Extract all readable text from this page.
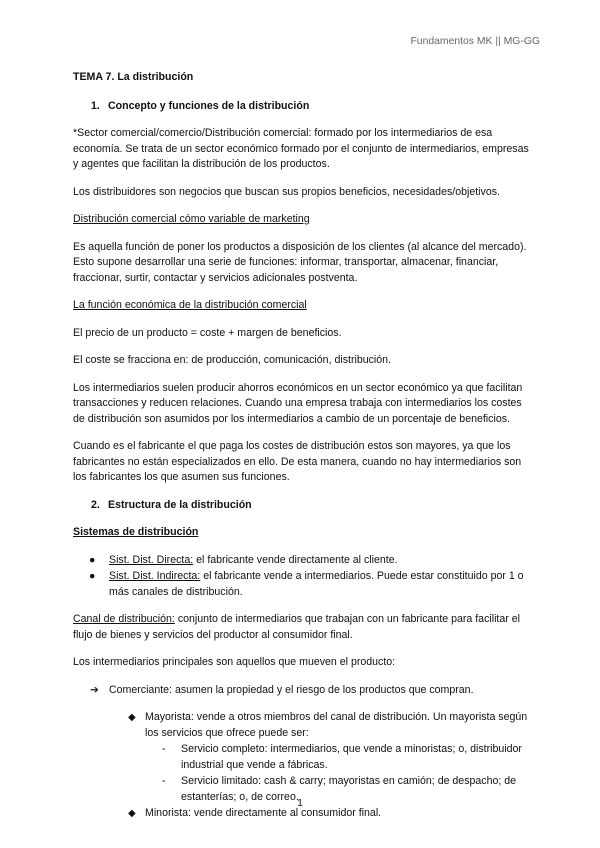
Fundamentos MK || MG-GG
TEMA 7. La distribución
1. Concepto y funciones de la distribución

*Sector comercial/comercio/Distribución comercial: formado por los intermediarios de esa economía. Se trata de un sector económico formado por el conjunto de intermediarios, empresas y agentes que facilitan la distribución de los productos.

Los distribuidores son negocios que buscan sus propios beneficios, necesidades/objetivos.

Distribución comercial cómo variable de marketing

Es aquella función de poner los productos a disposición de los clientes (al alcance del mercado). Esto supone desarrollar una serie de funciones: informar, transportar, almacenar, financiar, fraccionar, surtir, contactar y servicios adicionales postventa.

La función económica de la distribución comercial

El precio de un producto = coste + margen de beneficios.

El coste se fracciona en: de producción, comunicación, distribución.

Los intermediarios suelen producir ahorros económicos en un sector económico ya que facilitan transacciones y reducen relaciones. Cuando una empresa trabaja con intermediarios los costes de distribución son asumidos por los intermediarios a cambio de un porcentaje de beneficios.

Cuando es el fabricante el que paga los costes de distribución estos son mayores, ya que los fabricantes no están especializados en ello. De esta manera, cuando no hay intermediarios son los fabricantes los que asumen sus funciones.

2. Estructura de la distribución

Sistemas de distribución

● Sist. Dist. Directa: el fabricante vende directamente al cliente.
● Sist. Dist. Indirecta: el fabricante vende a intermediarios. Puede estar constituido por 1 o más canales de distribución.

Canal de distribución: conjunto de intermediarios que trabajan con un fabricante para facilitar el flujo de bienes y servicios del productor al consumidor final.

Los intermediarios principales son aquellos que mueven el producto:

➔ Comerciante: asumen la propiedad y el riesgo de los productos que compran.
◆ Mayorista: vende a otros miembros del canal de distribución. Un mayorista según los servicios que ofrece puede ser:
- Servicio completo: intermediarios, que vende a minoristas; o, distribuidor industrial que vende a fábricas.
- Servicio limitado: cash & carry; mayoristas en camión; de despacho; de estanterías; o, de correo.
◆ Minorista: vende directamente al consumidor final.
1
